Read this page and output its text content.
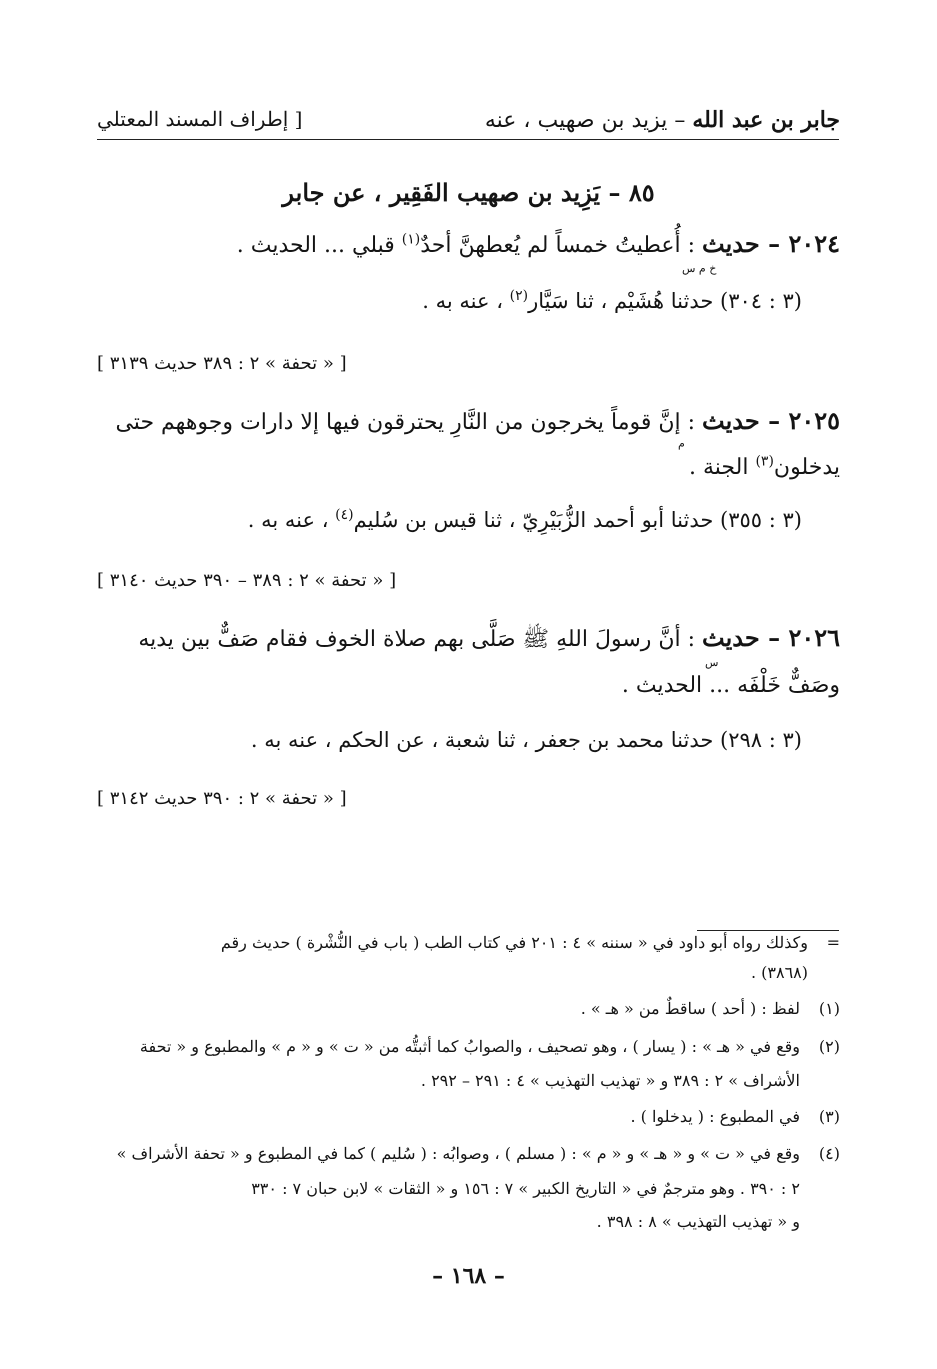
جابر بن عبد الله – يزيد بن صهيب ، عنه
[ إطراف المسند المعتلي
٨٥ – يَزِيد بن صهيب الفَقِير ، عن جابر
٢٠٢٤ – حديث : أُعطيتُ خمساً لم يُعطهنَّ أحدٌ$^{(١)}$ قبلي ... الحديث .
خ م س
(٣ : ٣٠٤) حدثنا هُشَيْم ، ثنا سَيَّار$^{(٢)}$ ، عنه به .
[ « تحفة » ٢ : ٣٨٩ حديث ٣١٣٩ ]
٢٠٢٥ – حديث : إنَّ قوماً يخرجون من النَّارِ يحترقون فيها إلا دارات وجوههم حتى
م
يدخلون$^{(٣)}$ الجنة .
(٣ : ٣٥٥) حدثنا أبو أحمد الزُّبَيْرِيّ ، ثنا قيس بن سُليم$^{(٤)}$ ، عنه به .
[ « تحفة » ٢ : ٣٨٩ – ٣٩٠ حديث ٣١٤٠ ]
٢٠٢٦ – حديث : أنَّ رسولَ اللهِ ﷺ صَلَّى بهم صلاة الخوف فقام صَفٌّ بين يديه
س
وصَفٌّ خَلْفَه ... الحديث .
(٣ : ٢٩٨) حدثنا محمد بن جعفر ، ثنا شعبة ، عن الحكم ، عنه به .
[ « تحفة » ٢ : ٣٩٠ حديث ٣١٤٢ ]
=وكذلك رواه أبو داود في « سننه » ٤ : ٢٠١ في كتاب الطب ( باب في النُّشْرة ) حديث رقم
(٣٨٦٨) .
(١)لفظ : ( أحد ) ساقطٌ من « هـ » .
(٢)وقع في « هـ » : ( يسار ) ، وهو تصحيف ، والصوابُ كما أثبتُّه من « ت » و « م » والمطبوع و « تحفة
الأشراف » ٢ : ٣٨٩ و « تهذيب التهذيب » ٤ : ٢٩١ – ٢٩٢ .
(٣)في المطبوع : ( يدخلوا ) .
(٤)وقع في « ت » و « هـ » و « م » : ( مسلم ) ، وصوابُه : ( سُليم ) كما في المطبوع و « تحفة الأشراف »
٢ : ٣٩٠ . وهو مترجمٌ في « التاريخ الكبير » ٧ : ١٥٦ و « الثقات » لابن حبان ٧ : ٣٣٠
و « تهذيب التهذيب » ٨ : ٣٩٨ .
– ١٦٨ –
